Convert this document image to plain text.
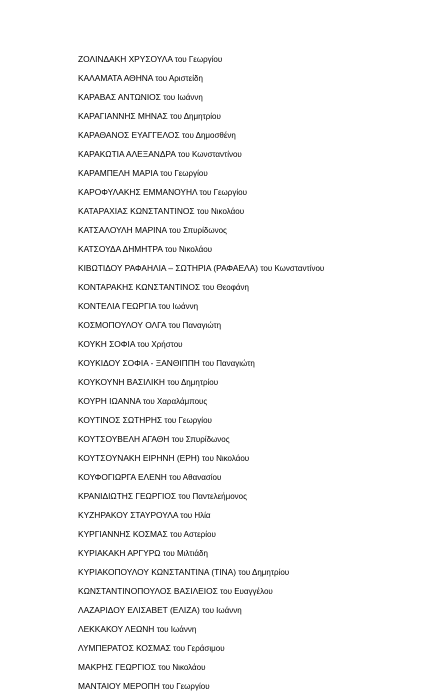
ΖΟΛΙΝΔΑΚΗ ΧΡΥΣΟΥΛΑ του Γεωργίου
ΚΑΛΑΜΑΤΑ ΑΘΗΝΑ του Αριστείδη
ΚΑΡΑΒΑΣ ΑΝΤΩΝΙΟΣ του Ιωάννη
ΚΑΡΑΓΙΑΝΝΗΣ ΜΗΝΑΣ του Δημητρίου
ΚΑΡΑΘΑΝΟΣ ΕΥΑΓΓΕΛΟΣ του Δημοσθένη
ΚΑΡΑΚΩΤΙΑ ΑΛΕΞΑΝΔΡΑ του Κωνσταντίνου
ΚΑΡΑΜΠΕΛΗ ΜΑΡΙΑ του Γεωργίου
ΚΑΡΟΦΥΛΑΚΗΣ ΕΜΜΑΝΟΥΗΛ του Γεωργίου
ΚΑΤΑΡΑΧΙΑΣ ΚΩΝΣΤΑΝΤΙΝΟΣ του Νικολάου
ΚΑΤΣΑΛΟΥΛΗ ΜΑΡΙΝΑ του Σπυρίδωνος
ΚΑΤΣΟΥΔΑ ΔΗΜΗΤΡΑ του Νικολάου
ΚΙΒΩΤΙΔΟΥ ΡΑΦΑΗΛΙΑ – ΣΩΤΗΡΙΑ (ΡΑΦΑΕΛΑ) του Κωνσταντίνου
ΚΟΝΤΑΡΑΚΗΣ ΚΩΝΣΤΑΝΤΙΝΟΣ του Θεοφάνη
ΚΟΝΤΕΛΙΑ ΓΕΩΡΓΙΑ του Ιωάννη
ΚΟΣΜΟΠΟΥΛΟΥ ΟΛΓΑ του Παναγιώτη
ΚΟΥΚΗ ΣΟΦΙΑ του Χρήστου
ΚΟΥΚΙΔΟΥ ΣΟΦΙΑ - ΞΑΝΘΙΠΠΗ του Παναγιώτη
ΚΟΥΚΟΥΝΗ ΒΑΣΙΛΙΚΗ του Δημητρίου
ΚΟΥΡΗ ΙΩΑΝΝΑ του Χαραλάμπους
ΚΟΥΤΙΝΟΣ ΣΩΤΗΡΗΣ του Γεωργίου
ΚΟΥΤΣΟΥΒΕΛΗ ΑΓΑΘΗ του Σπυρίδωνος
ΚΟΥΤΣΟΥΝΑΚΗ ΕΙΡΗΝΗ (ΕΡΗ) του Νικολάου
ΚΟΥΦΟΓΙΩΡΓΑ ΕΛΕΝΗ του Αθανασίου
ΚΡΑΝΙΔΙΩΤΗΣ ΓΕΩΡΓΙΟΣ του Παντελεήμονος
ΚΥΖΗΡΑΚΟΥ ΣΤΑΥΡΟΥΛΑ του Ηλία
ΚΥΡΓΙΑΝΝΗΣ ΚΟΣΜΑΣ του Αστερίου
ΚΥΡΙΑΚΑΚΗ ΑΡΓΥΡΩ του Μιλτιάδη
ΚΥΡΙΑΚΟΠΟΥΛΟΥ ΚΩΝΣΤΑΝΤΙΝΑ (ΤΙΝΑ) του Δημητρίου
ΚΩΝΣΤΑΝΤΙΝΟΠΟΥΛΟΣ ΒΑΣΙΛΕΙΟΣ του Ευαγγέλου
ΛΑΖΑΡΙΔΟΥ ΕΛΙΣΑΒΕΤ (ΕΛΙΖΑ) του Ιωάννη
ΛΕΚΚΑΚΟΥ ΛΕΩΝΗ του Ιωάννη
ΛΥΜΠΕΡΑΤΟΣ ΚΟΣΜΑΣ του Γεράσιμου
ΜΑΚΡΗΣ ΓΕΩΡΓΙΟΣ του Νικολάου
ΜΑΝΤΑΙΟΥ ΜΕΡΟΠΗ του Γεωργίου
